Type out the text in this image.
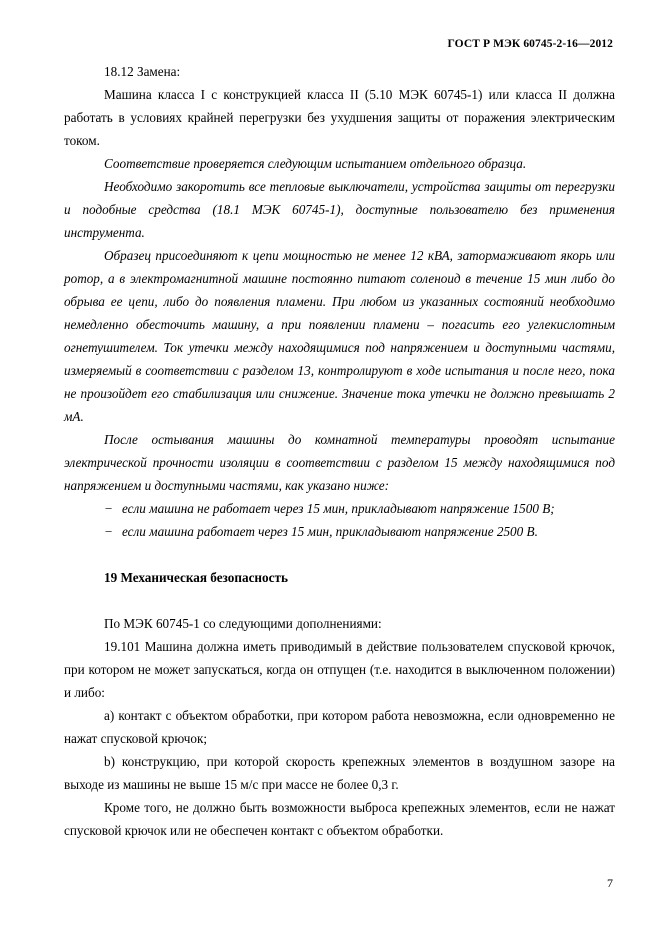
ГОСТ Р МЭК 60745-2-16—2012

18.12 Замена:

Машина класса I с конструкцией класса II (5.10 МЭК 60745-1) или класса II должна работать в условиях крайней перегрузки без ухудшения защиты от поражения электрическим током.

Соответствие проверяется следующим испытанием отдельного образца.

Необходимо закоротить все тепловые выключатели, устройства защиты от перегрузки и подобные средства (18.1 МЭК 60745-1), доступные пользователю без применения инструмента.

Образец присоединяют к цепи мощностью не менее 12 кВА, затормаживают якорь или ротор, а в электромагнитной машине постоянно питают соленоид в течение 15 мин либо до обрыва ее цепи, либо до появления пламени. При любом из указанных состояний необходимо немедленно обесточить машину, а при появлении пламени – погасить его углекислотным огнетушителем. Ток утечки между находящимися под напряжением и доступными частями, измеряемый в соответствии с разделом 13, контролируют в ходе испытания и после него, пока не произойдет его стабилизация или снижение. Значение тока утечки не должно превышать 2 мА.

После остывания машины до комнатной температуры проводят испытание электрической прочности изоляции в соответствии с разделом 15 между находящимися под напряжением и доступными частями, как указано ниже:

− если машина не работает через 15 мин, прикладывают напряжение 1500 В;
− если машина работает через 15 мин, прикладывают напряжение 2500 В.

19 Механическая безопасность

По МЭК 60745-1 со следующими дополнениями:

19.101 Машина должна иметь приводимый в действие пользователем спусковой крючок, при котором не может запускаться, когда он отпущен (т.е. находится в выключенном положении) и либо:

а) контакт с объектом обработки, при котором работа невозможна, если одновременно не нажат спусковой крючок;

b) конструкцию, при которой скорость крепежных элементов в воздушном зазоре на выходе из машины не выше 15 м/с при массе не более 0,3 г.

Кроме того, не должно быть возможности выброса крепежных элементов, если не нажат спусковой крючок или не обеспечен контакт с объектом обработки.

7
